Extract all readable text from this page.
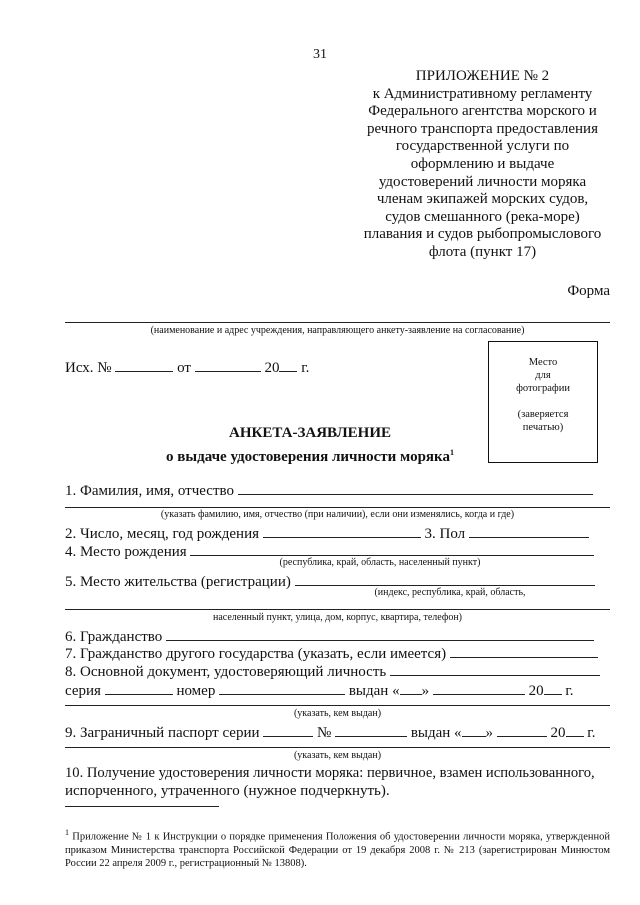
31
ПРИЛОЖЕНИЕ № 2
к Административному регламенту
Федерального агентства морского и
речного транспорта предоставления
государственной услуги по
оформлению и выдаче
удостоверений личности моряка
членам экипажей морских судов,
судов смешанного (река-море)
плавания и судов рыбопромыслового
флота (пункт 17)
Форма
(наименование и адрес учреждения, направляющего анкету-заявление на согласование)
Исх. №	от	20 г.	Место

для

фотографии

(заверяется

печатью)

АНКЕТА-ЗАЯВЛЕНИЕ
о выдаче удостоверения личности моряка$^1$
1. Фамилия, имя, отчество
(указать фамилию, имя, отчество (при наличии), если они изменялись, когда и где)
2. Число, месяц, год рождения	3. Пол
4. Место рождения
(республика, край, область, населенный пункт)
5. Место жительства (регистрации)
(индекс, республика, край, область,
населенный пункт, улица, дом, корпус, квартира, телефон)
6. Гражданство
7. Гражданство другого государства (указать, если имеется)
8. Основной документ, удостоверяющий личность
серия	номер	выдан « »	20 г.
(указать, кем выдан)
9. Заграничный паспорт серии	№	выдан « »	20 г.
(указать, кем выдан)
10. Получение удостоверения личности моряка: первичное, взамен использованного,
испорченного, утраченного (нужное подчеркнуть).
$^1$ Приложение № 1 к Инструкции о порядке применения Положения об удостоверении личности моряка, утвержденной приказом Министерства транспорта Российской Федерации от 19 декабря 2008 г. № 213 (зарегистрирован Минюстом России 22 апреля 2009 г., регистрационный № 13808).
